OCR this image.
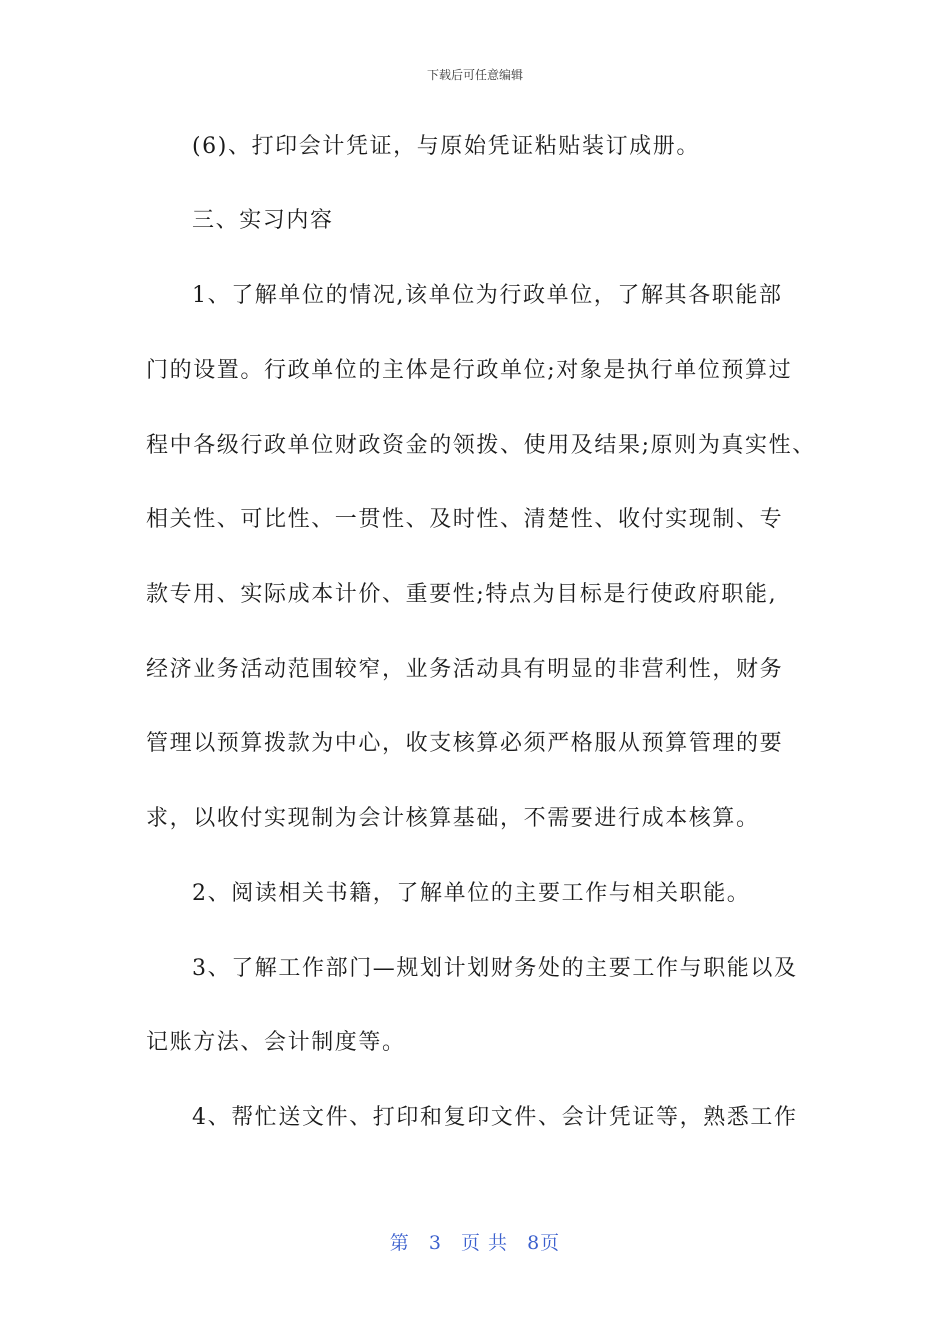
下载后可任意编辑
(6)、打印会计凭证，与原始凭证粘贴装订成册。
三、实习内容
1、了解单位的情况,该单位为行政单位，了解其各职能部
门的设置。行政单位的主体是行政单位;对象是执行单位预算过
程中各级行政单位财政资金的领拨、使用及结果;原则为真实性、
相关性、可比性、一贯性、及时性、清楚性、收付实现制、专
款专用、实际成本计价、重要性;特点为目标是行使政府职能,
经济业务活动范围较窄，业务活动具有明显的非营利性，财务
管理以预算拨款为中心，收支核算必须严格服从预算管理的要
求，以收付实现制为会计核算基础，不需要进行成本核算。
2、阅读相关书籍，了解单位的主要工作与相关职能。
3、了解工作部门—规划计划财务处的主要工作与职能以及
记账方法、会计制度等。
4、帮忙送文件、打印和复印文件、会计凭证等，熟悉工作
第 3 页 共 8页
